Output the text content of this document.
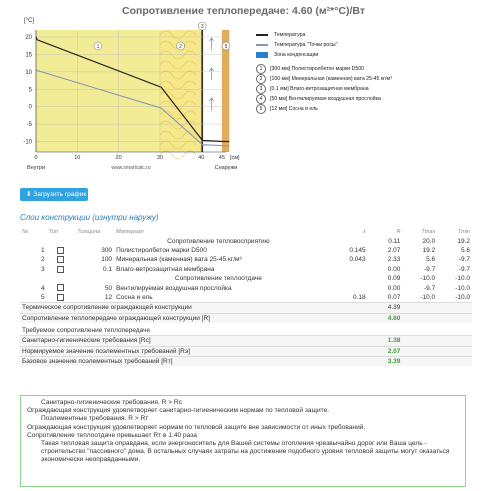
Сопротивление теплопередаче: 4.60 (м²*°С)/Вт
20
15
10
5
0
-5
-10
0	10	20	30	40	45
[°C]
[см]
Внутри	Снаружи
www.smartcalc.ru
1	2
3
5
Температура
Температура "Точки росы"
Зона конденсации
1	[300 мм] Полистиролбетон марки D500
2	[100 мм] Минеральная (каменная) вата 25-45 кг/м³
3	[0.1 мм] Влаго-ветрозащитная мембрана
4	[50 мм] Вентилируемая воздушная прослойка
5	[12 мм] Сосна и ель
⬇ Загрузить график
Слои конструкции (изнутри наружу)
№	Тип	Толщина	Материал	λ	R	Tmax	Tmin
			Сопротивление тепловосприятию		0.11	20.0	19.2
1		300	Полистиролбетон марки D500	0.145	2.07	19.2	5.6
2		100	Минеральная (каменная) вата 25-45 кг/м³	0.043	2.33	5.6	-9.7
3		0.1	Влаго-ветрозащитная мембрана		0.00	-9.7	-9.7
			Сопротивление теплоотдаче		0.09	-10.0	-10.0
4		50	Вентилируемая воздушная прослойка		0.00	-9.7	-10.0
5		12	Сосна и ель	0.18	0.07	-10.0	-10.0
Термическое сопротивление ограждающей конструкции					4.39		
Сопротивление теплопередаче ограждающей конструкции [R]					4.60		
Требуемое сопротивление теплопередаче							
Санитарно-гигиенические требования [Rс]					1.38		
Нормируемое значение поэлементных требований [Rэ]					2.07		
Базовое значение поэлементных требований [Rт]					3.39		

Санитарно-гигиенические требования. R > Rс

Ограждающая конструкция удовлетворяет санитарно-гигиеническим нормам по тепловой защите.

Поэлементные требования. R > Rт

Ограждающая конструкция удовлетворяет нормам по тепловой защите вне зависимости от иных требований.

Сопротивление теплоотдаче превышает Rт в 1.40 раза

Такая тепловая защита оправдана, если энергоноситель для Вашей системы отопления чрезвычайно дорог или Ваша цель - строительство "пассивного" дома. В остальных случаях затраты на достижение подобного уровня тепловой защиты могут оказаться экономически неоправданными.
